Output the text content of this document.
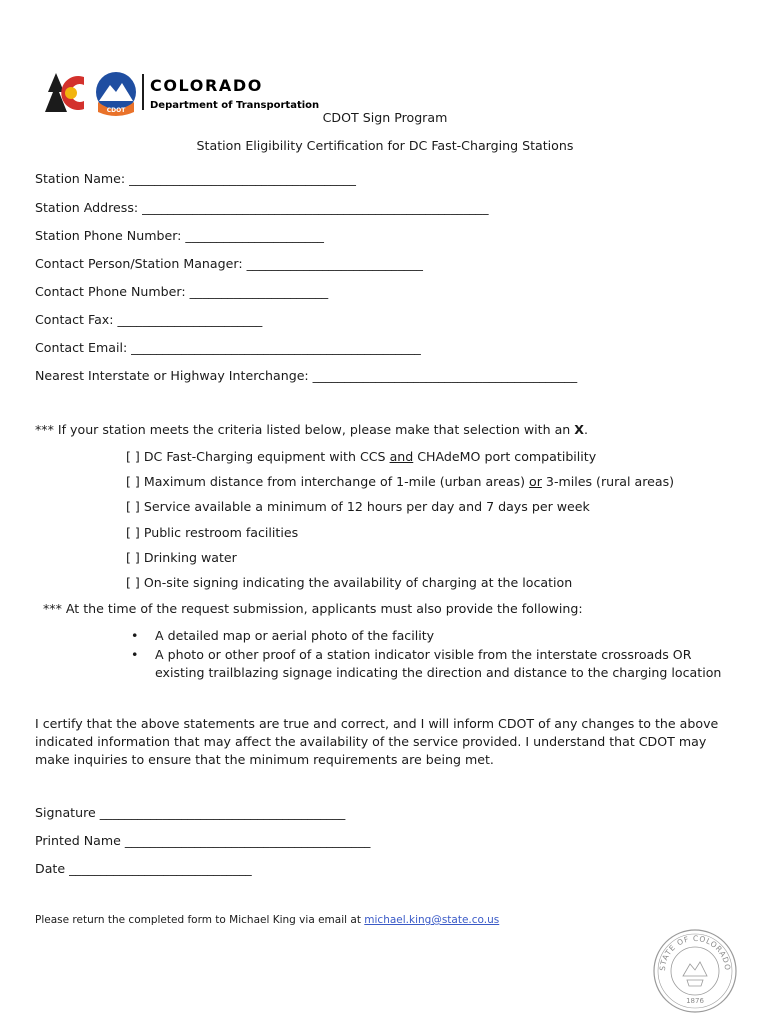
CDOT
COLORADO
Department of Transportation
CDOT Sign Program
Station Eligibility Certification for DC Fast-Charging Stations
Station Name: ____________________________________
Station Address: _______________________________________________________
Station Phone Number: ______________________
Contact Person/Station Manager: ____________________________
Contact Phone Number: ______________________
Contact Fax: _______________________
Contact Email: ______________________________________________
Nearest Interstate or Highway Interchange: __________________________________________
*** If your station meets the criteria listed below, please make that selection with an X.
[ ] DC Fast-Charging equipment with CCS and CHAdeMO port compatibility
[ ] Maximum distance from interchange of 1-mile (urban areas) or 3-miles (rural areas)
[ ] Service available a minimum of 12 hours per day and 7 days per week
[ ] Public restroom facilities
[ ] Drinking water
[ ] On-site signing indicating the availability of charging at the location
*** At the time of the request submission, applicants must also provide the following:
• A detailed map or aerial photo of the facility
• A photo or other proof of a station indicator visible from the interstate crossroads OR
existing trailblazing signage indicating the direction and distance to the charging location
I certify that the above statements are true and correct, and I will inform CDOT of any changes to the above
indicated information that may affect the availability of the service provided. I understand that CDOT may
make inquiries to ensure that the minimum requirements are being met.
Signature _______________________________________
Printed Name _______________________________________
Date _____________________________
Please return the completed form to Michael King via email at michael.king@state.co.us
STATE OF COLORADO
1876
